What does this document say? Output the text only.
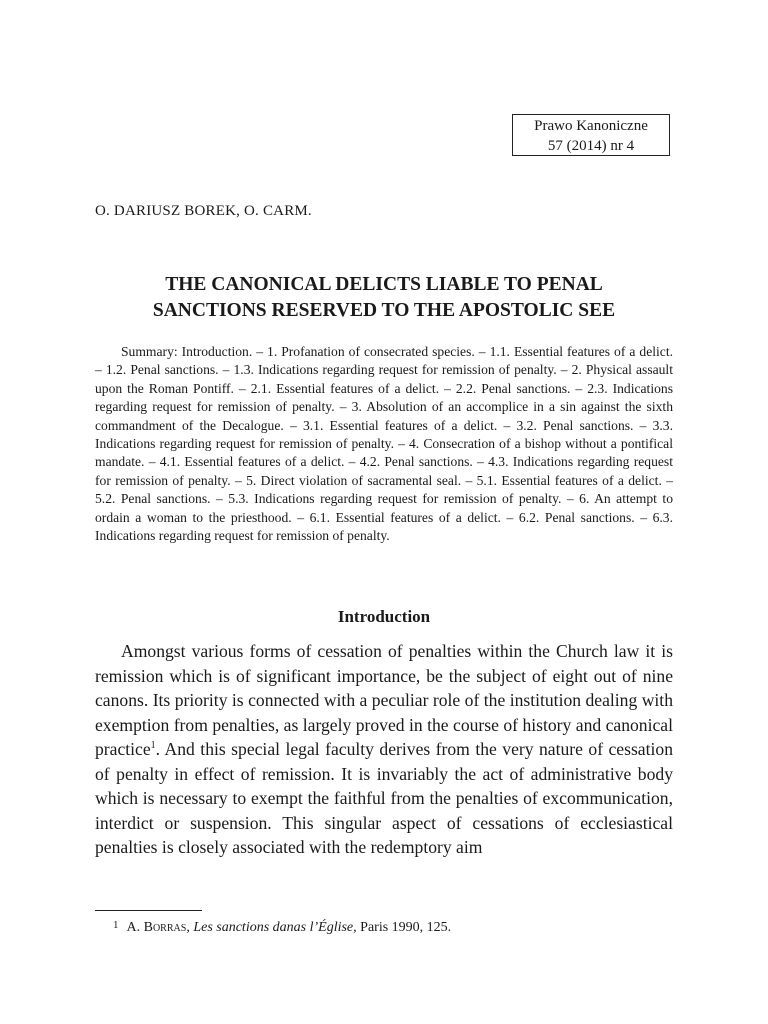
Prawo Kanoniczne
57 (2014) nr 4
O. DARIUSZ BOREK, O. CARM.
THE CANONICAL DELICTS LIABLE TO PENAL
SANCTIONS RESERVED TO THE APOSTOLIC SEE
Summary: Introduction. – 1. Profanation of consecrated species. – 1.1. Essential features of a delict. – 1.2. Penal sanctions. – 1.3. Indications regarding request for remission of penalty. – 2. Physical assault upon the Roman Pontiff. – 2.1. Essential features of a delict. – 2.2. Penal sanctions. – 2.3. Indications regarding request for remission of penalty. – 3. Absolution of an accomplice in a sin against the sixth commandment of the Decalogue. – 3.1. Essential features of a delict. – 3.2. Penal sanctions. – 3.3. Indications regarding request for remission of penalty. – 4. Consecration of a bishop without a pontifical mandate. – 4.1. Essential features of a delict. – 4.2. Penal sanctions. – 4.3. Indications regarding request for remission of penalty. – 5. Direct violation of sacramental seal. – 5.1. Essential features of a delict. – 5.2. Penal sanctions. – 5.3. Indications regarding request for remission of penalty. – 6. An attempt to ordain a woman to the priesthood. – 6.1. Essential features of a delict. – 6.2. Penal sanctions. – 6.3. Indications regarding request for remission of penalty.
Introduction
Amongst various forms of cessation of penalties within the Church law it is remission which is of significant importance, be the subject of eight out of nine canons. Its priority is connected with a peculiar role of the institution dealing with exemption from penalties, as largely proved in the course of history and canonical practice$^1$. And this special legal faculty derives from the very nature of cessation of penalty in effect of remission. It is invariably the act of administrative body which is necessary to exempt the faithful from the penalties of excommunication, interdict or suspension. This singular aspect of cessations of ecclesiastical penalties is closely associated with the redemptory aim
$^1$ A. Borras, Les sanctions danas l’Église, Paris 1990, 125.
